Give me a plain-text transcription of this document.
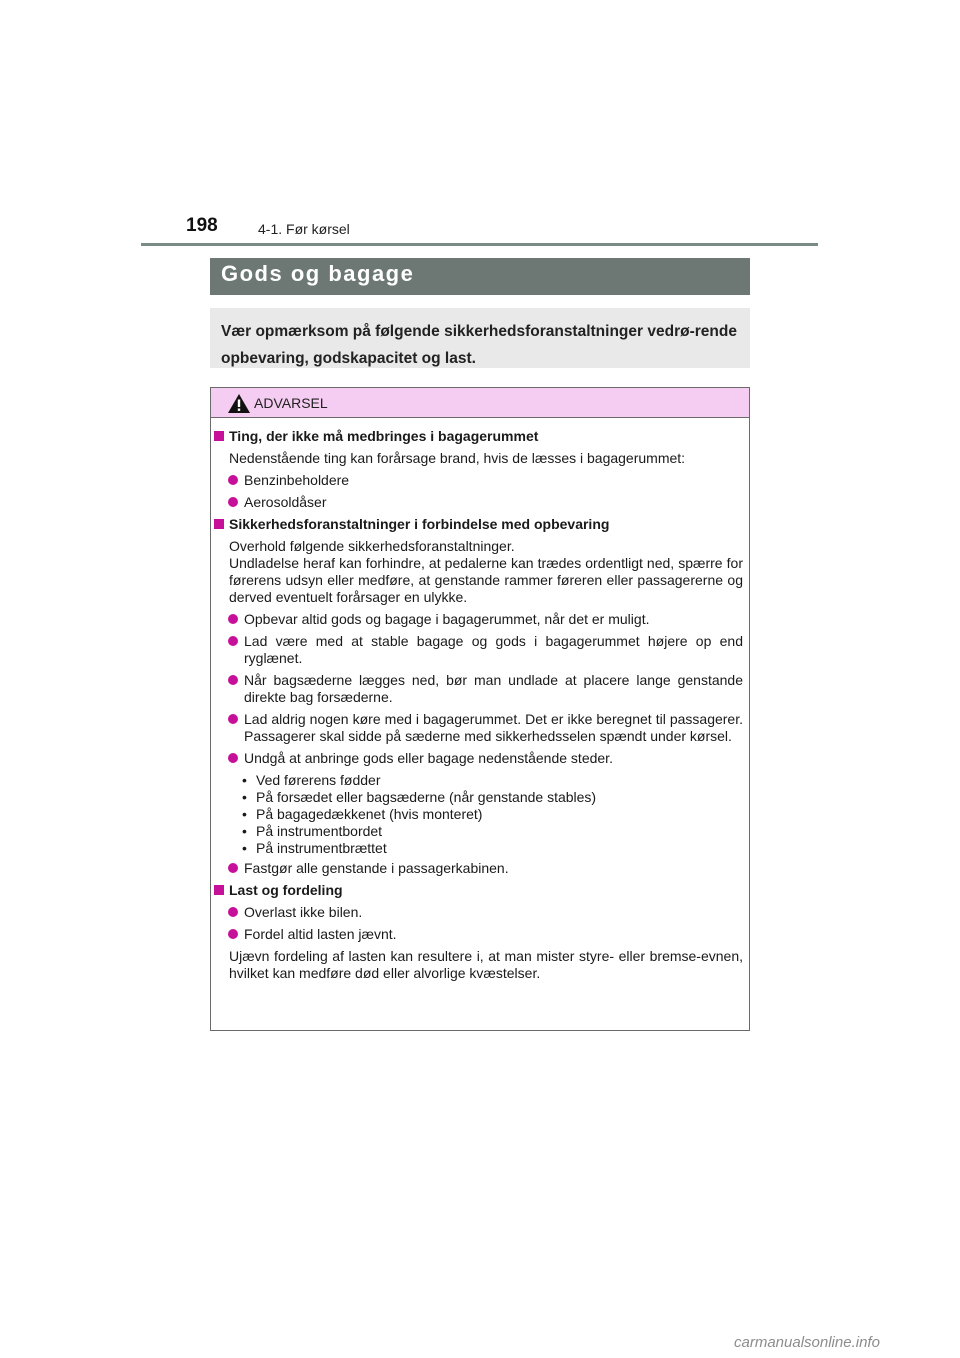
198	4-1. Før kørsel
Gods og bagage
Vær opmærksom på følgende sikkerhedsforanstaltninger vedrø-rende opbevaring, godskapacitet og last.
ADVARSEL
Ting, der ikke må medbringes i bagagerummet
Nedenstående ting kan forårsage brand, hvis de læsses i bagagerummet:
Benzinbeholdere
Aerosoldåser
Sikkerhedsforanstaltninger i forbindelse med opbevaring
Overhold følgende sikkerhedsforanstaltninger.
Undladelse heraf kan forhindre, at pedalerne kan trædes ordentligt ned, spærre for førerens udsyn eller medføre, at genstande rammer føreren eller passagererne og derved eventuelt forårsager en ulykke.
Opbevar altid gods og bagage i bagagerummet, når det er muligt.
Lad være med at stable bagage og gods i bagagerummet højere op end ryglænet.
Når bagsæderne lægges ned, bør man undlade at placere lange genstande direkte bag forsæderne.
Lad aldrig nogen køre med i bagagerummet. Det er ikke beregnet til passagerer. Passagerer skal sidde på sæderne med sikkerhedsselen spændt under kørsel.
Undgå at anbringe gods eller bagage nedenstående steder.
• Ved førerens fødder
• På forsædet eller bagsæderne (når genstande stables)
• På bagagedækkenet (hvis monteret)
• På instrumentbordet
• På instrumentbrættet
Fastgør alle genstande i passagerkabinen.
Last og fordeling
Overlast ikke bilen.
Fordel altid lasten jævnt.
Ujævn fordeling af lasten kan resultere i, at man mister styre- eller bremse-evnen, hvilket kan medføre død eller alvorlige kvæstelser.
carmanualsonline.info
